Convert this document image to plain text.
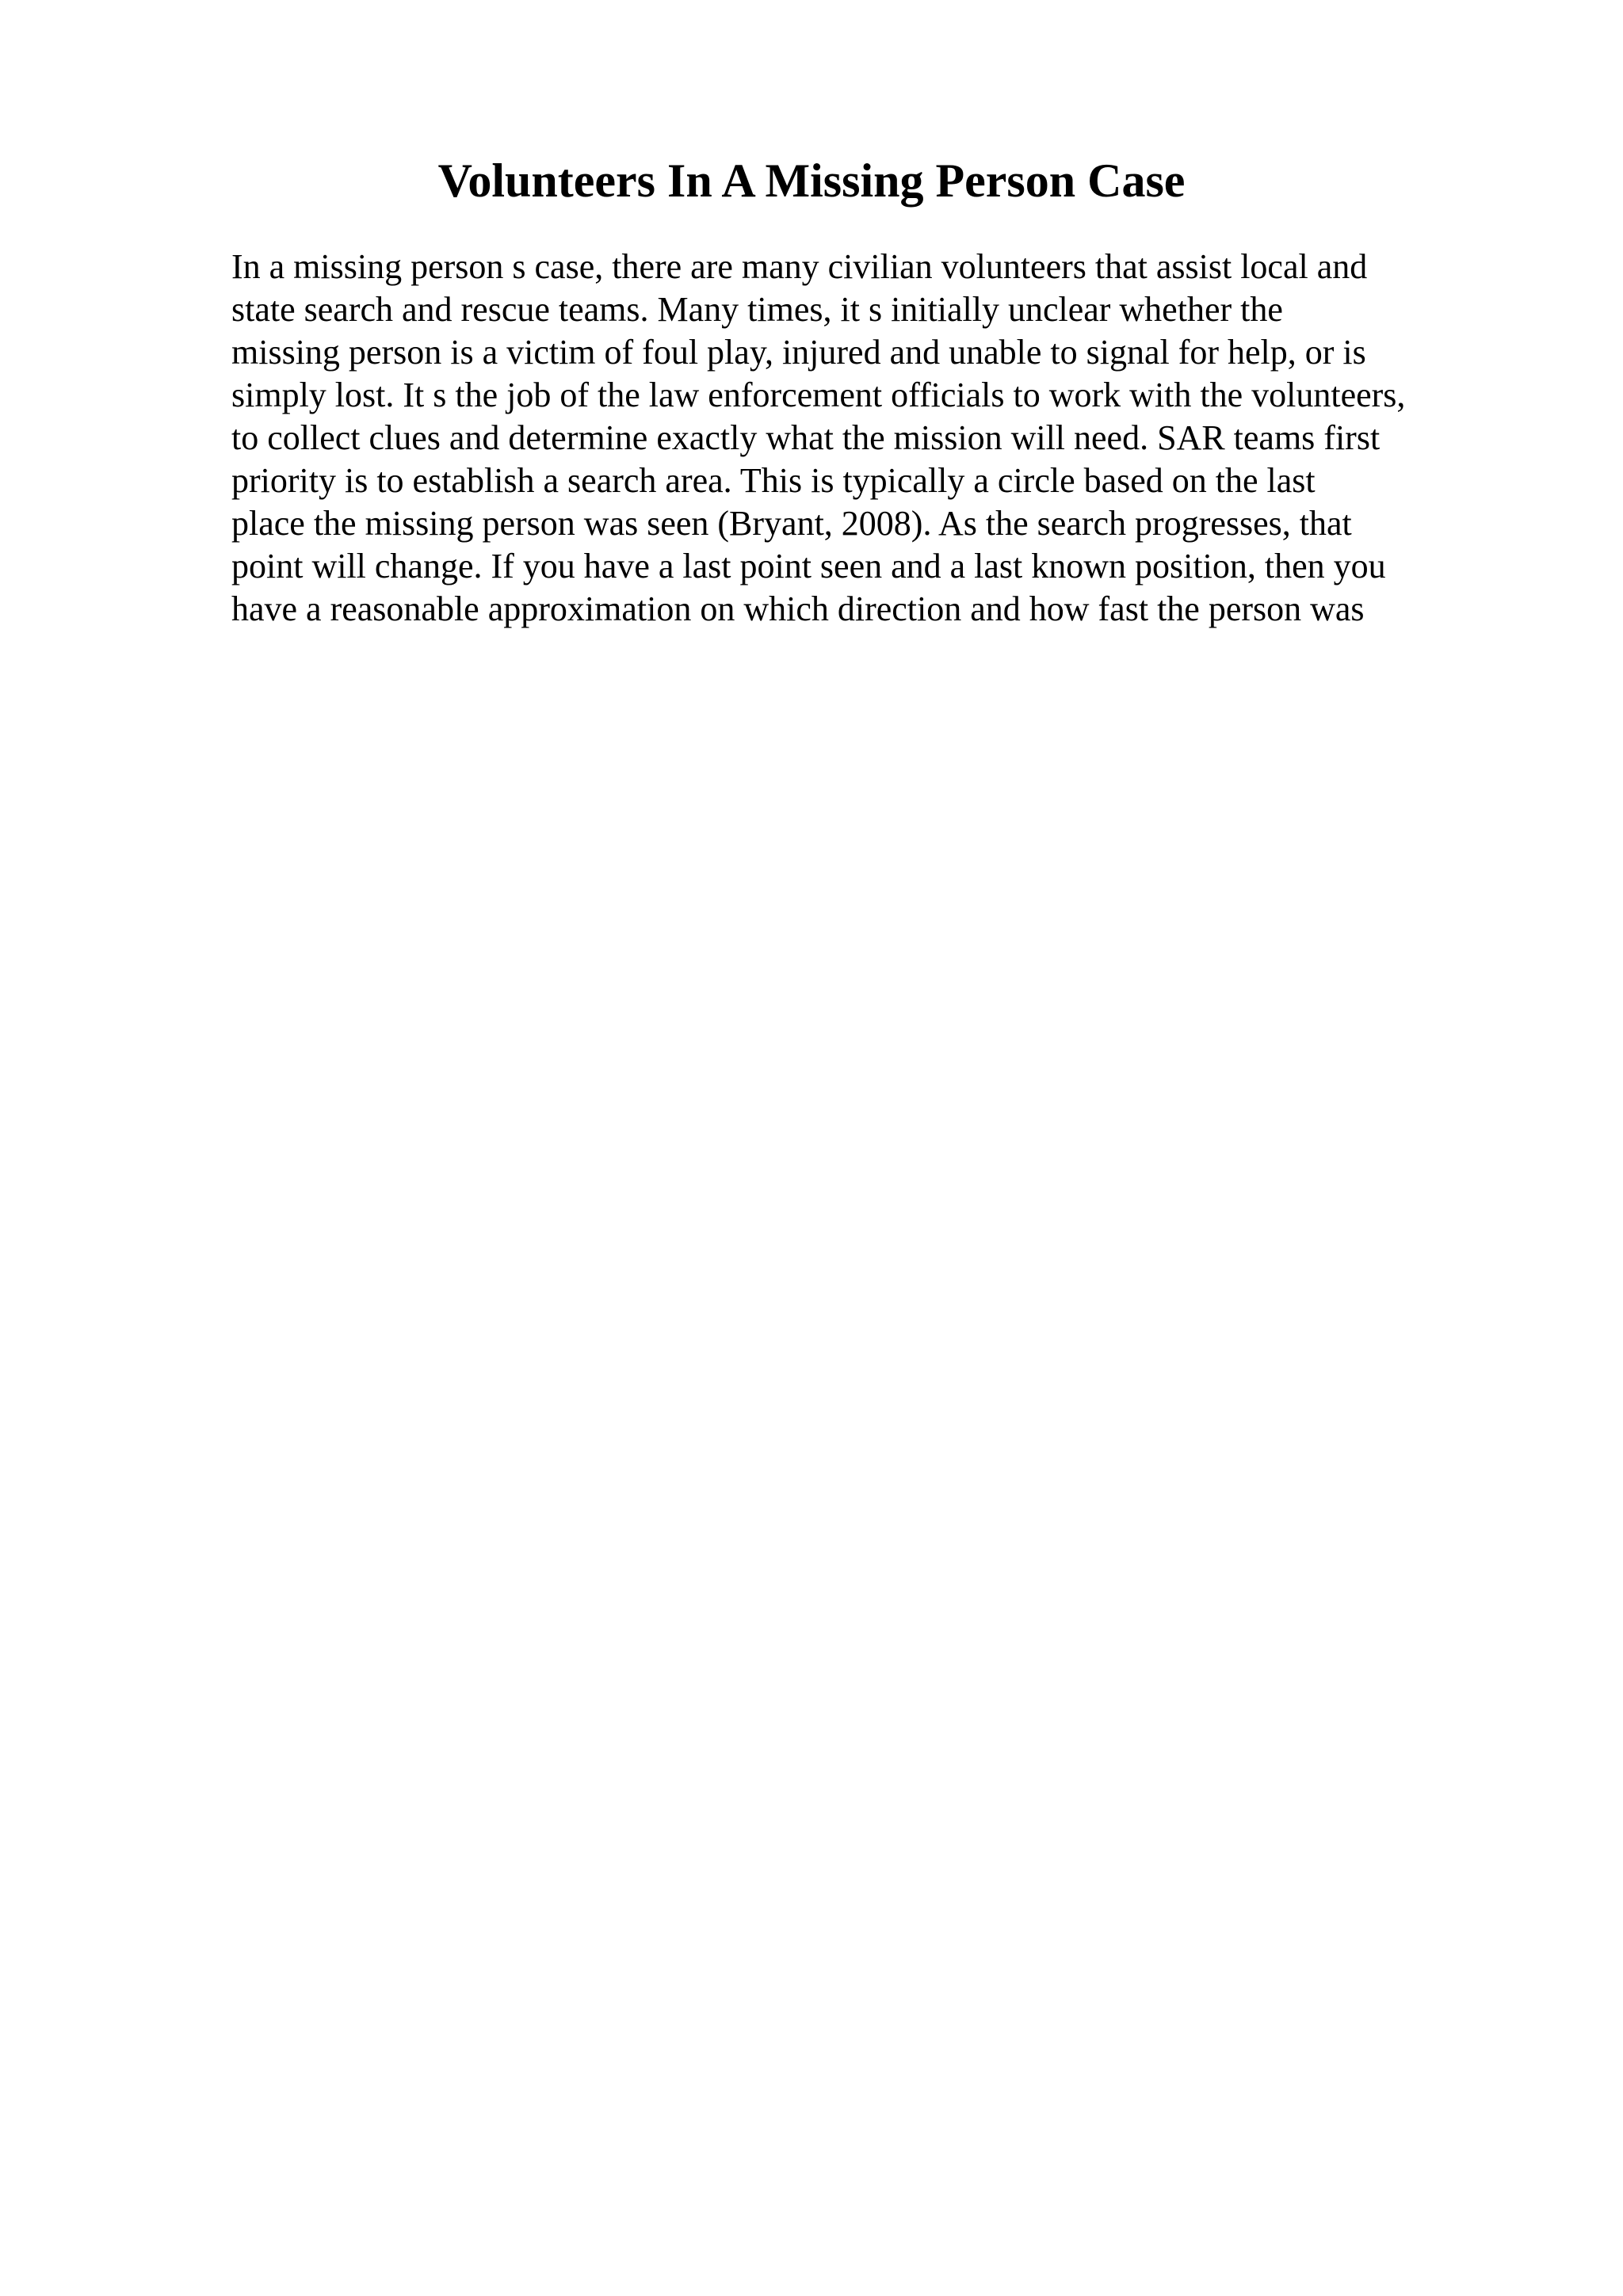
Volunteers In A Missing Person Case
In a missing person s case, there are many civilian volunteers that assist local and
state search and rescue teams. Many times, it s initially unclear whether the
missing person is a victim of foul play, injured and unable to signal for help, or is
simply lost. It s the job of the law enforcement officials to work with the volunteers,
to collect clues and determine exactly what the mission will need. SAR teams first
priority is to establish a search area. This is typically a circle based on the last
place the missing person was seen (Bryant, 2008). As the search progresses, that
point will change. If you have a last point seen and a last known position, then you
have a reasonable approximation on which direction and how fast the person was
